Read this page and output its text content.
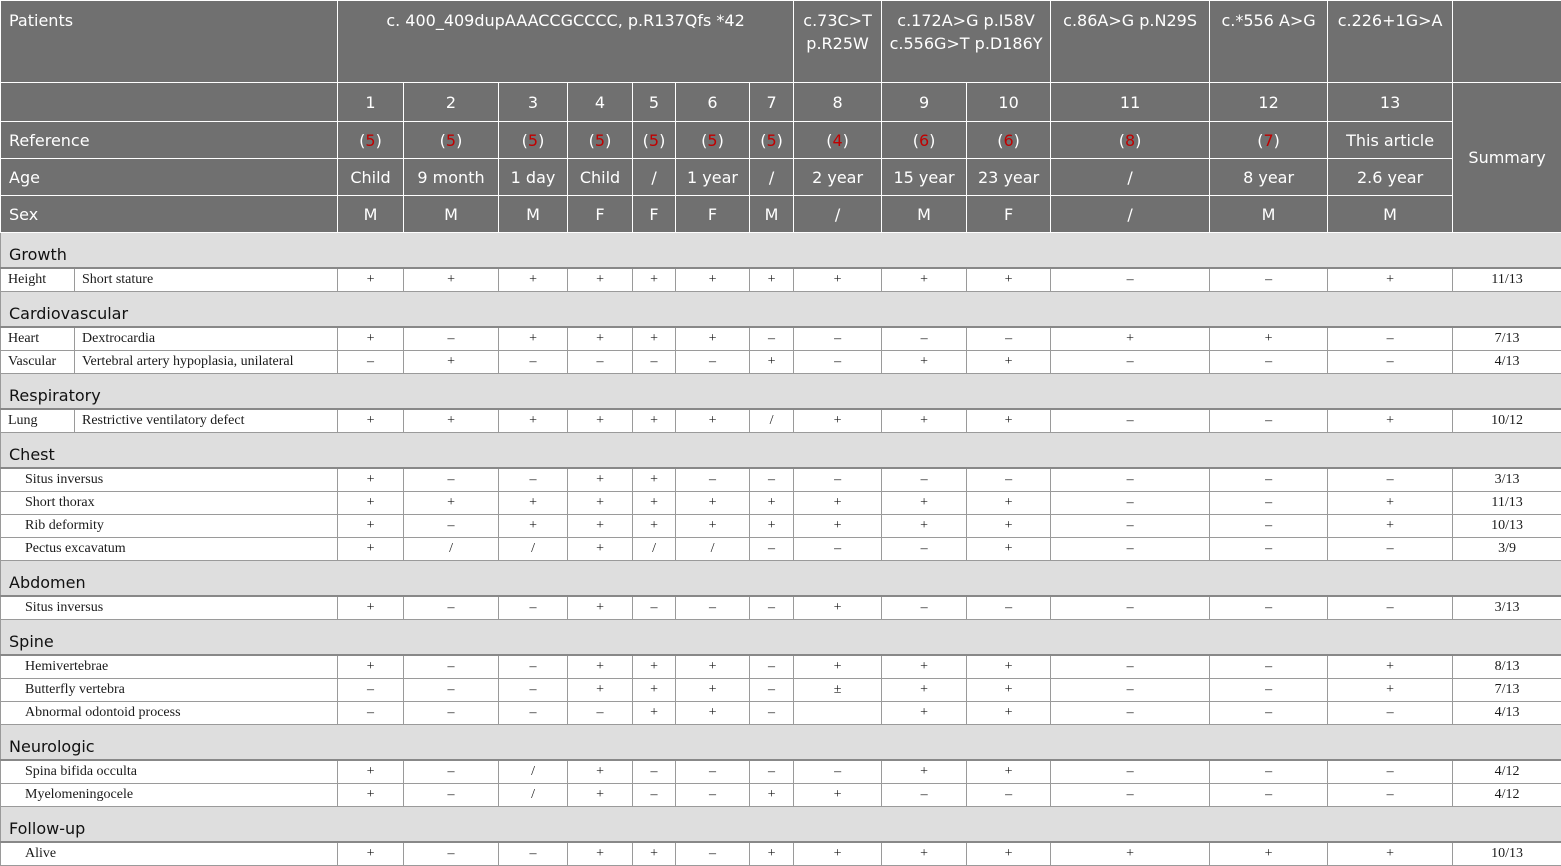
Patients		c. 400_409dupAAACCGCCCC, p.R137Qfs *42							c.73C>T p.R25W	c.172A>G p.I58V c.556G>T p.D186Y		c.86A>G p.N29S	c.*556 A>G	c.226+1G>A	
		1	2	3	4	5	6	7	8	9	10	11	12	13	Summary
Reference		(5)	(5)	(5)	(5)	(5)	(5)	(5)	(4)	(6)	(6)	(8)	(7)	This article	
Age		Child	9 month	1 day	Child	/	1 year	/	2 year	15 year	23 year	/	8 year	2.6 year	
Sex		M	M	M	F	F	F	M	/	M	F	/	M	M	
Growth															
Height	Short stature	+	+	+	+	+	+	+	+	+	+	–	–	+	11/13
Cardiovascular															
Heart	Dextrocardia	+	–	+	+	+	+	–	–	–	–	+	+	–	7/13
Vascular	Vertebral artery hypoplasia, unilateral	–	+	–	–	–	–	+	–	+	+	–	–	–	4/13
Respiratory															
Lung	Restrictive ventilatory defect	+	+	+	+	+	+	/	+	+	+	–	–	+	10/12
Chest															
Situs inversus		+	–	–	+	+	–	–	–	–	–	–	–	–	3/13
Short thorax		+	+	+	+	+	+	+	+	+	+	–	–	+	11/13
Rib deformity		+	–	+	+	+	+	+	+	+	+	–	–	+	10/13
Pectus excavatum		+	/	/	+	/	/	–	–	–	+	–	–	–	3/9
Abdomen															
Situs inversus		+	–	–	+	–	–	–	+	–	–	–	–	–	3/13
Spine															
Hemivertebrae		+	–	–	+	+	+	–	+	+	+	–	–	+	8/13
Butterfly vertebra		–	–	–	+	+	+	–	±	+	+	–	–	+	7/13
Abnormal odontoid process		–	–	–	–	+	+	–		+	+	–	–	–	4/13
Neurologic															
Spina bifida occulta		+	–	/	+	–	–	–	–	+	+	–	–	–	4/12
Myelomeningocele		+	–	/	+	–	–	+	+	–	–	–	–	–	4/12
Follow-up															
Alive		+	–	–	+	+	–	+	+	+	+	+	+	+	10/13
